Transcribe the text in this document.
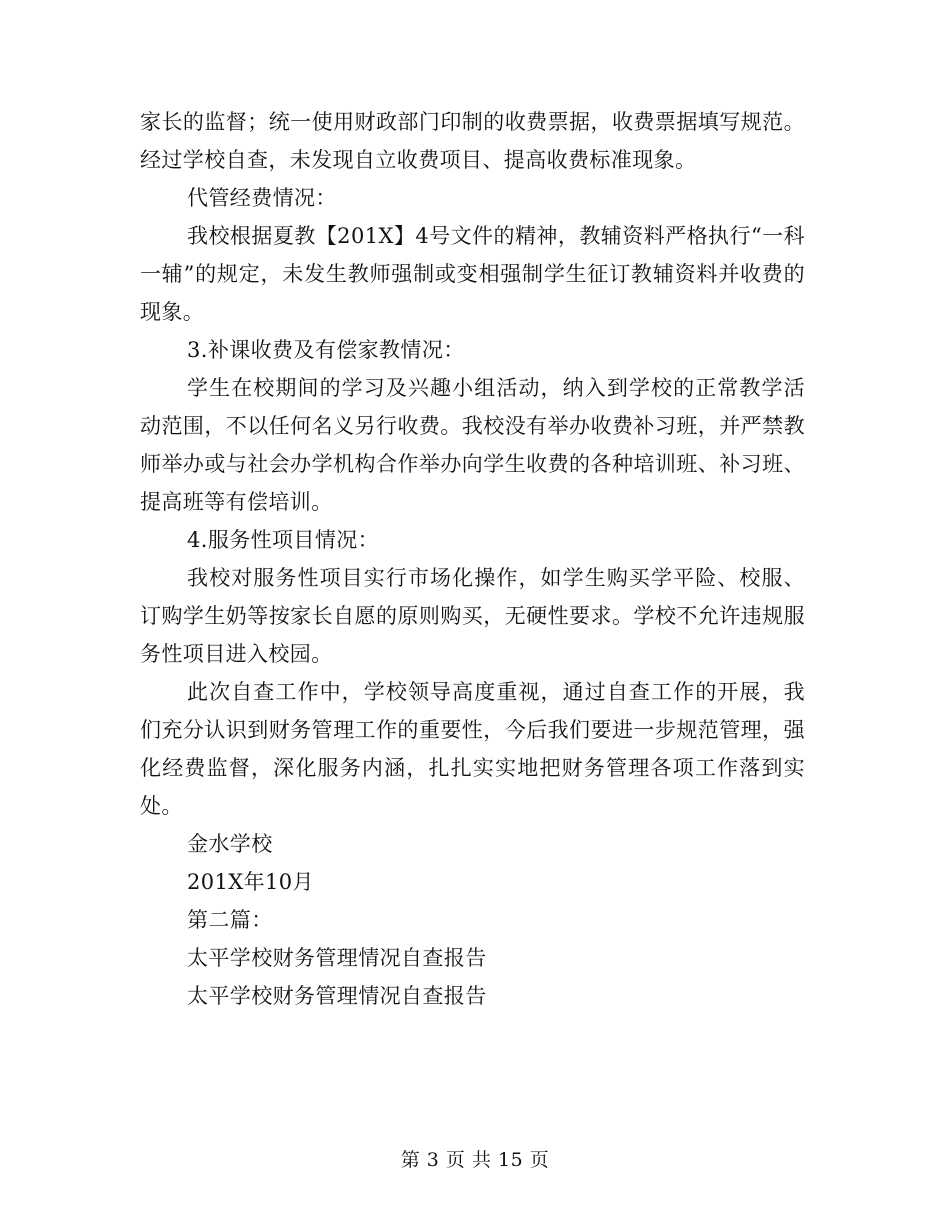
家长的监督；统一使用财政部门印制的收费票据，收费票据填写规范。经过学校自查，未发现自立收费项目、提高收费标准现象。

代管经费情况：

我校根据夏教【201X】4号文件的精神，教辅资料严格执行“一科一辅”的规定，未发生教师强制或变相强制学生征订教辅资料并收费的现象。

3.补课收费及有偿家教情况：

学生在校期间的学习及兴趣小组活动，纳入到学校的正常教学活动范围，不以任何名义另行收费。我校没有举办收费补习班，并严禁教师举办或与社会办学机构合作举办向学生收费的各种培训班、补习班、提高班等有偿培训。

4.服务性项目情况：

我校对服务性项目实行市场化操作，如学生购买学平险、校服、订购学生奶等按家长自愿的原则购买，无硬性要求。学校不允许违规服务性项目进入校园。

此次自查工作中，学校领导高度重视，通过自查工作的开展，我们充分认识到财务管理工作的重要性，今后我们要进一步规范管理，强化经费监督，深化服务内涵，扎扎实实地把财务管理各项工作落到实处。

金水学校

201X年10月

第二篇：

太平学校财务管理情况自查报告

太平学校财务管理情况自查报告

第 3 页 共 15 页
